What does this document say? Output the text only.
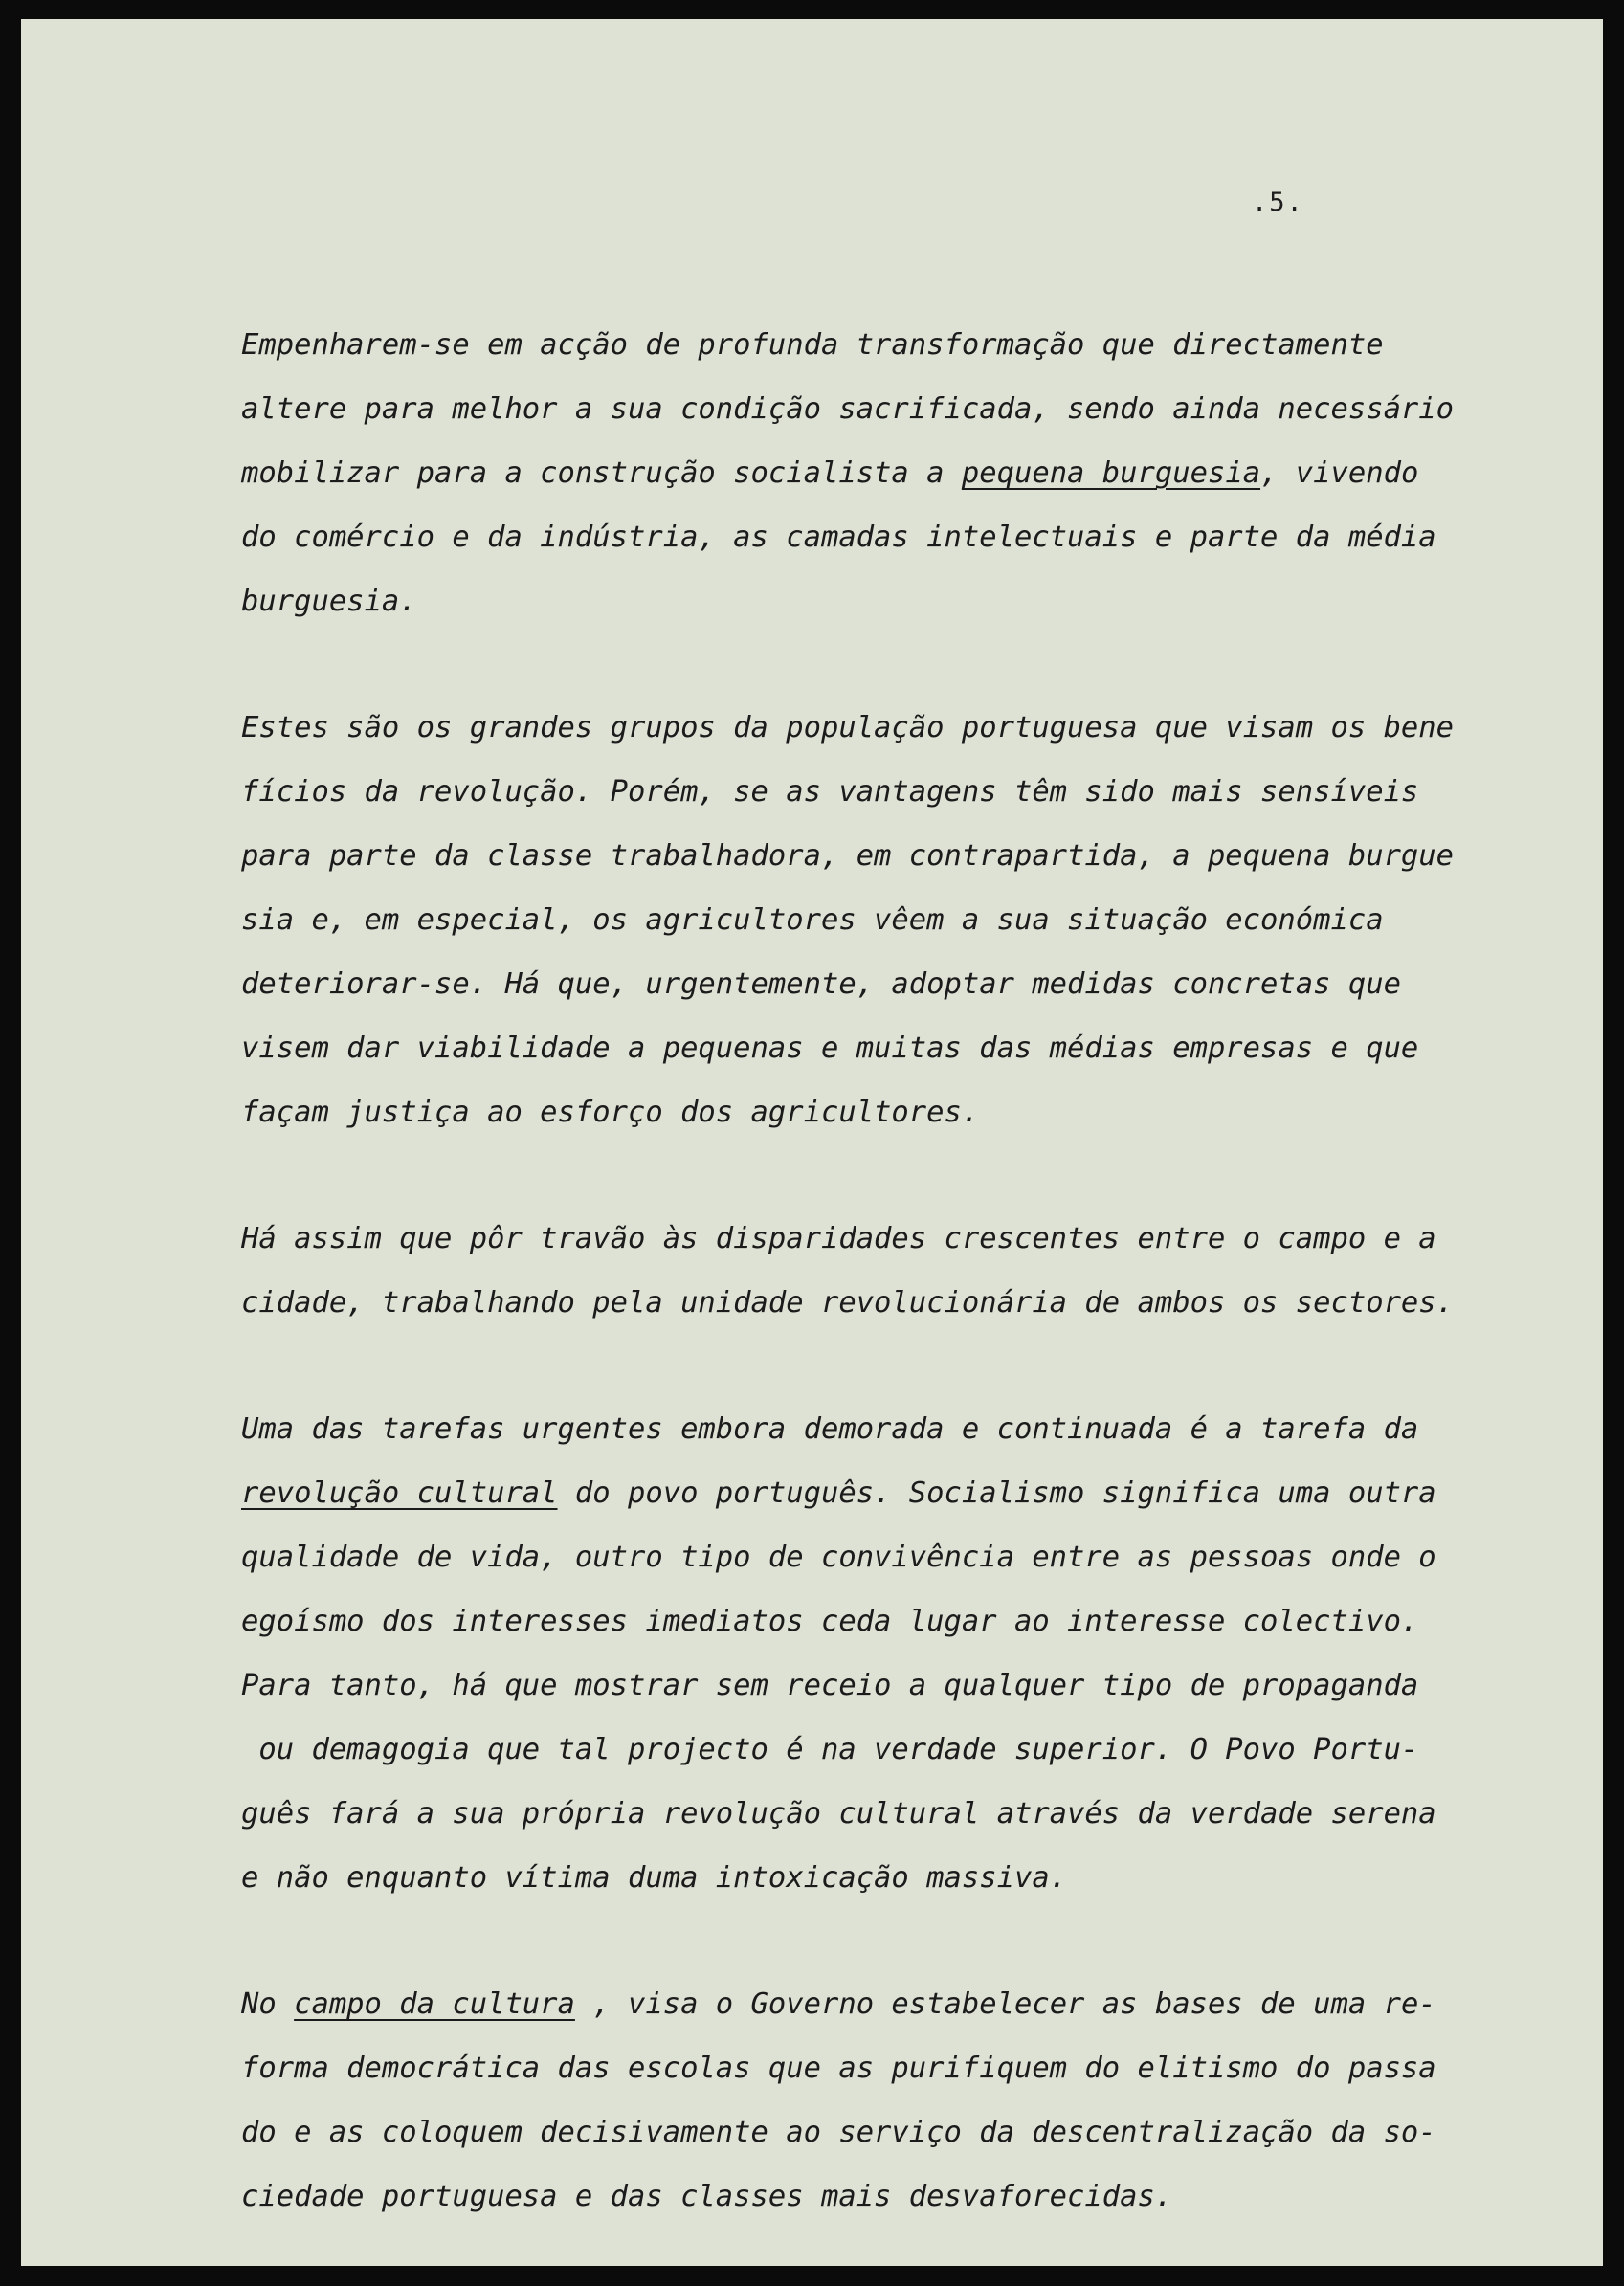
.5.
Empenharem-se em acção de profunda transformação que directamente
altere para melhor a sua condição sacrificada, sendo ainda necessário
mobilizar para a construção socialista a pequena burguesia, vivendo
do comércio e da indústria, as camadas intelectuais e parte da média
burguesia.
Estes são os grandes grupos da população portuguesa que visam os bene
fícios da revolução. Porém, se as vantagens têm sido mais sensíveis
para parte da classe trabalhadora, em contrapartida, a pequena burgue
sia e, em especial, os agricultores vêem a sua situação económica
deteriorar-se. Há que, urgentemente, adoptar medidas concretas que
visem dar viabilidade a pequenas e muitas das médias empresas e que
façam justiça ao esforço dos agricultores.
Há assim que pôr travão às disparidades crescentes entre o campo e a
cidade, trabalhando pela unidade revolucionária de ambos os sectores.
Uma das tarefas urgentes embora demorada e continuada é a tarefa da
revolução cultural do povo português. Socialismo significa uma outra
qualidade de vida, outro tipo de convivência entre as pessoas onde o
egoísmo dos interesses imediatos ceda lugar ao interesse colectivo.
Para tanto, há que mostrar sem receio a qualquer tipo de propaganda
ou demagogia que tal projecto é na verdade superior. O Povo Portu-
guês fará a sua própria revolução cultural através da verdade serena
e não enquanto vítima duma intoxicação massiva.
No campo da cultura , visa o Governo estabelecer as bases de uma re-
forma democrática das escolas que as purifiquem do elitismo do passa
do e as coloquem decisivamente ao serviço da descentralização da so-
ciedade portuguesa e das classes mais desvaforecidas.
